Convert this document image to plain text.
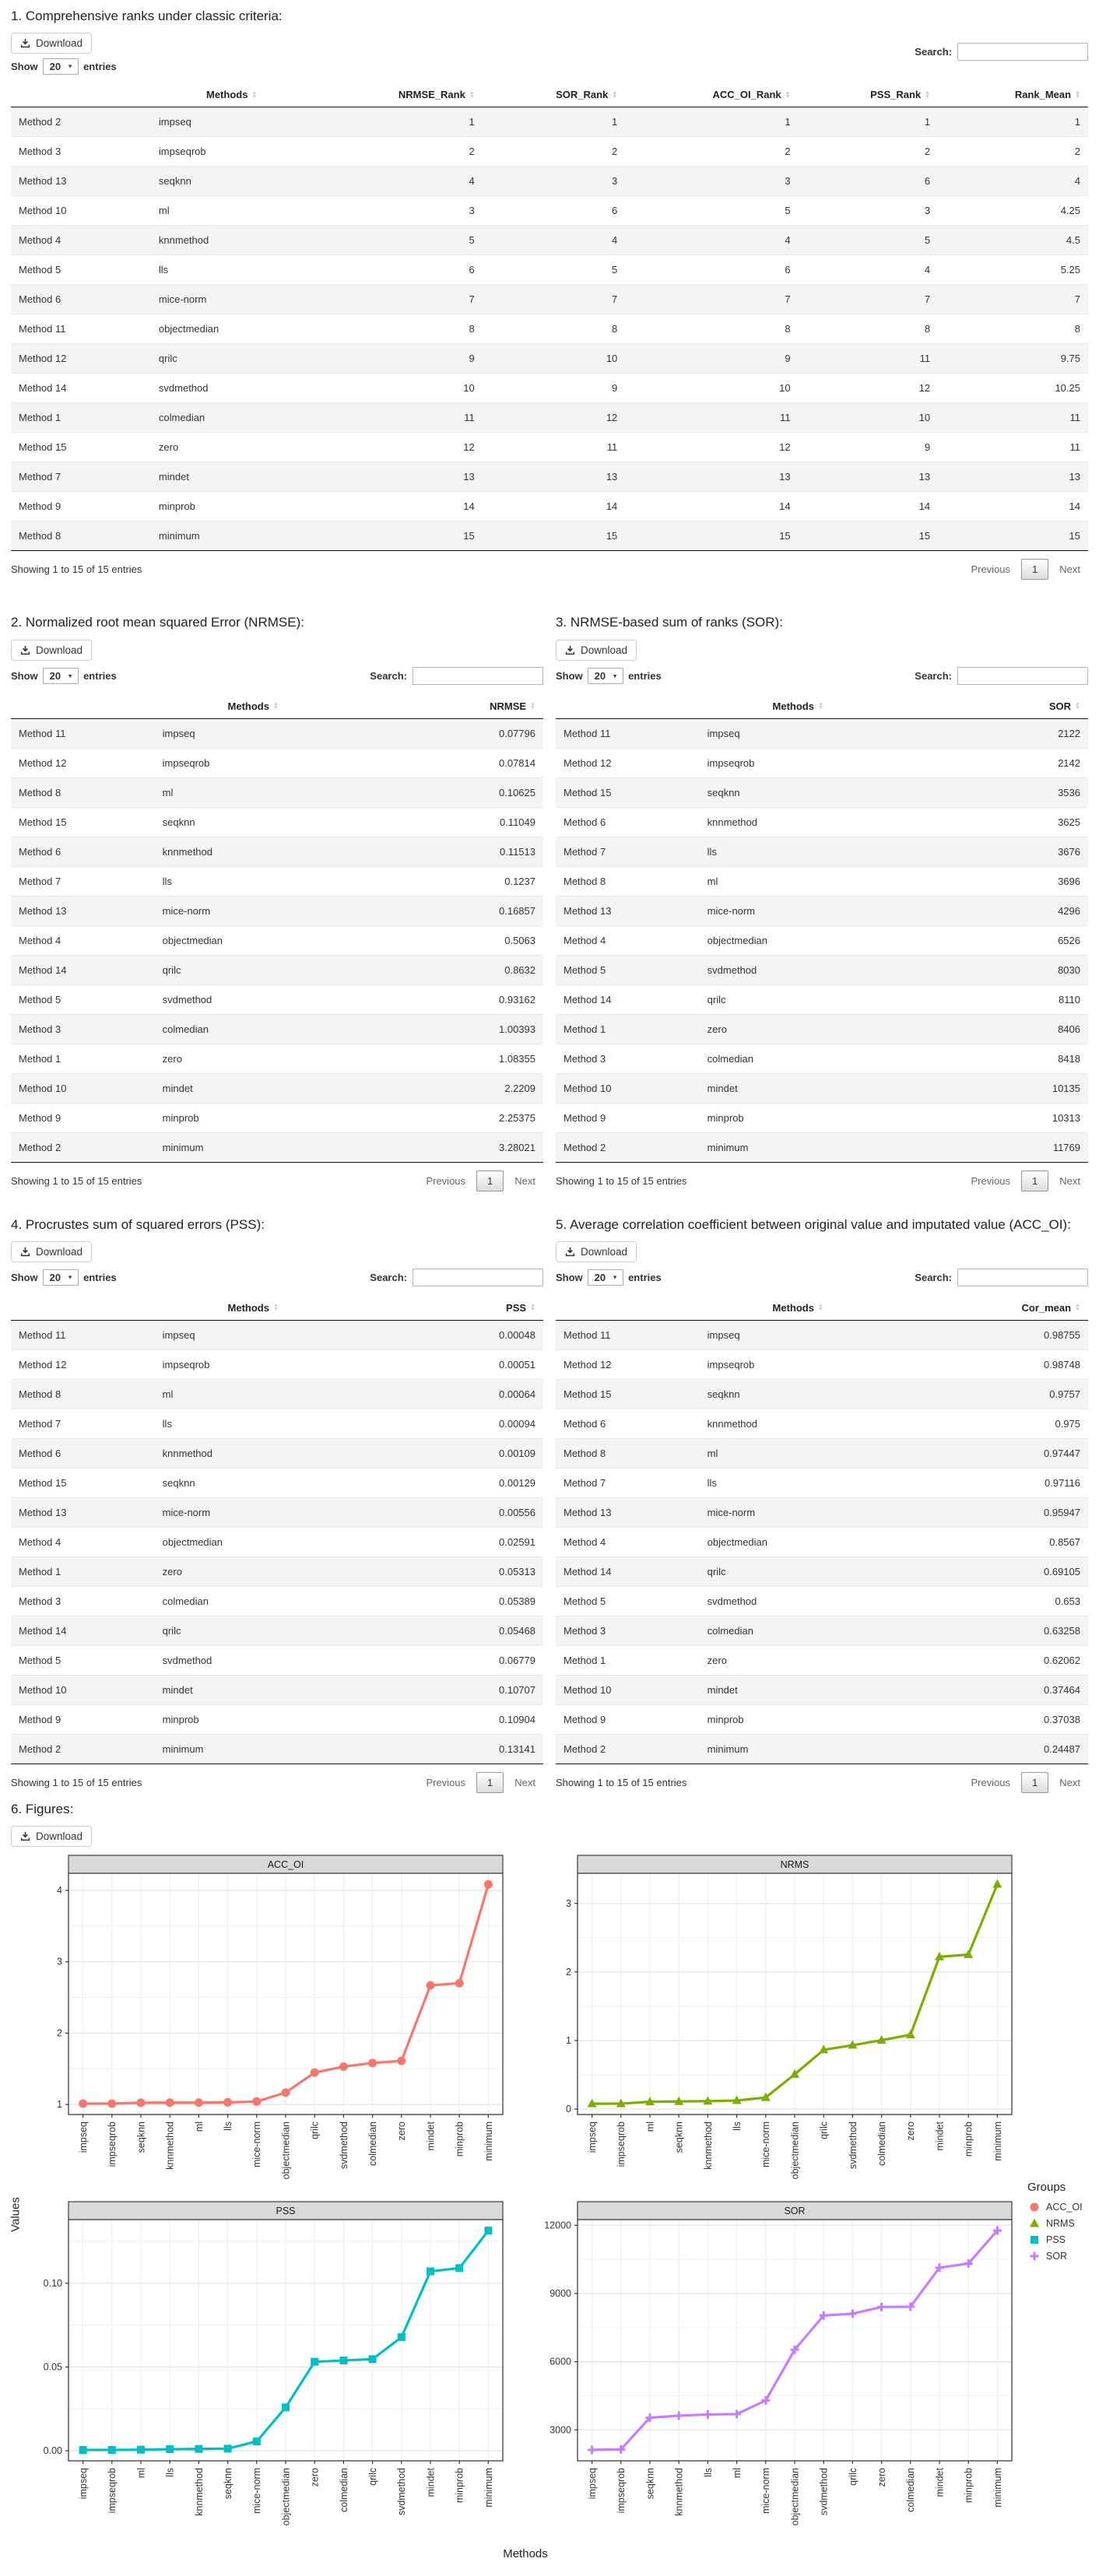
1. Comprehensive ranks under classic criteria:
Download
Show 20 ▼ entries
Search:

	Methods ▲
▼	NRMSE_Rank ▲
▼	SOR_Rank ▲
▼	ACC_OI_Rank ▲
▼	PSS_Rank ▲
▼	Rank_Mean ▲
▼

Method 2	impseq	1	1	1	1	1
Method 3	impseqrob	2	2	2	2	2
Method 13	seqknn	4	3	3	6	4
Method 10	ml	3	6	5	3	4.25
Method 4	knnmethod	5	4	4	5	4.5
Method 5	lls	6	5	6	4	5.25
Method 6	mice-norm	7	7	7	7	7
Method 11	objectmedian	8	8	8	8	8
Method 12	qrilc	9	10	9	11	9.75
Method 14	svdmethod	10	9	10	12	10.25
Method 1	colmedian	11	12	11	10	11
Method 15	zero	12	11	12	9	11
Method 7	mindet	13	13	13	13	13
Method 9	minprob	14	14	14	14	14
Method 8	minimum	15	15	15	15	15
Showing 1 to 15 of 15 entries	Previous	1	Next
2. Normalized root mean squared Error (NRMSE):
Download
Show 20 ▼ entries	Search:

	Methods ▲
▼	NRMSE ▲
▼

Method 11	impseq	0.07796
Method 12	impseqrob	0.07814
Method 8	ml	0.10625
Method 15	seqknn	0.11049
Method 6	knnmethod	0.11513
Method 7	lls	0.1237
Method 13	mice-norm	0.16857
Method 4	objectmedian	0.5063
Method 14	qrilc	0.8632
Method 5	svdmethod	0.93162
Method 3	colmedian	1.00393
Method 1	zero	1.08355
Method 10	mindet	2.2209
Method 9	minprob	2.25375
Method 2	minimum	3.28021
Showing 1 to 15 of 15 entries	Previous	1	Next
3. NRMSE-based sum of ranks (SOR):
Download
Show 20 ▼ entries	Search:

	Methods ▲
▼	SOR ▲
▼

Method 11	impseq	2122
Method 12	impseqrob	2142
Method 15	seqknn	3536
Method 6	knnmethod	3625
Method 7	lls	3676
Method 8	ml	3696
Method 13	mice-norm	4296
Method 4	objectmedian	6526
Method 5	svdmethod	8030
Method 14	qrilc	8110
Method 1	zero	8406
Method 3	colmedian	8418
Method 10	mindet	10135
Method 9	minprob	10313
Method 2	minimum	11769
Showing 1 to 15 of 15 entries	Previous	1	Next
4. Procrustes sum of squared errors (PSS):
Download
Show 20 ▼ entries	Search:

	Methods ▲
▼	PSS ▲
▼

Method 11	impseq	0.00048
Method 12	impseqrob	0.00051
Method 8	ml	0.00064
Method 7	lls	0.00094
Method 6	knnmethod	0.00109
Method 15	seqknn	0.00129
Method 13	mice-norm	0.00556
Method 4	objectmedian	0.02591
Method 1	zero	0.05313
Method 3	colmedian	0.05389
Method 14	qrilc	0.05468
Method 5	svdmethod	0.06779
Method 10	mindet	0.10707
Method 9	minprob	0.10904
Method 2	minimum	0.13141
Showing 1 to 15 of 15 entries	Previous	1	Next
5. Average correlation coefficient between original value and imputated value (ACC_OI):
Download
Show 20 ▼ entries	Search:

	Methods ▲
▼	Cor_mean ▲
▼

Method 11	impseq	0.98755
Method 12	impseqrob	0.98748
Method 15	seqknn	0.9757
Method 6	knnmethod	0.975
Method 8	ml	0.97447
Method 7	lls	0.97116
Method 13	mice-norm	0.95947
Method 4	objectmedian	0.8567
Method 14	qrilc	0.69105
Method 5	svdmethod	0.653
Method 3	colmedian	0.63258
Method 1	zero	0.62062
Method 10	mindet	0.37464
Method 9	minprob	0.37038
Method 2	minimum	0.24487
Showing 1 to 15 of 15 entries	Previous	1	Next
6. Figures:
Download
Values
ACC_OI
1
2
3
4
impseq impseqrob seqknn knnmethod ml lls mice-norm objectmedian qrilc svdmethod colmedian zero mindet minprob minimum
NRMS
0
1
2
3
impseq impseqrob ml seqknn knnmethod lls mice-norm objectmedian qrilc svdmethod colmedian zero mindet minprob minimum
PSS
0.00
0.05
0.10
impseq impseqrob ml lls knnmethod seqknn mice-norm objectmedian zero colmedian qrilc svdmethod mindet minprob minimum
SOR
3000
6000
9000
12000
impseq impseqrob seqknn knnmethod lls ml mice-norm objectmedian svdmethod qrilc zero colmedian mindet minprob minimum
Methods
Groups
ACC_OI
NRMS
PSS
SOR
